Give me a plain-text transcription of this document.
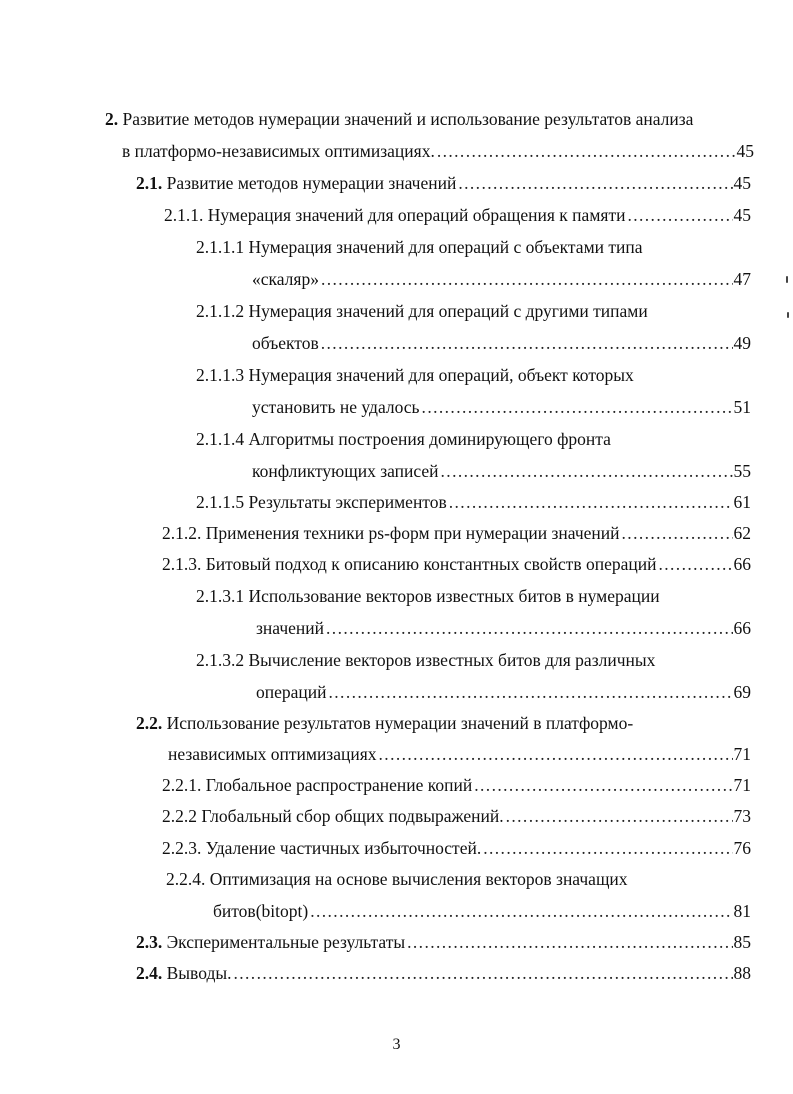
2. Развитие методов нумерации значений и использование результатов анализа
в платформо-независимых оптимизациях. .....	45
2.1. Развитие методов нумерации значений .....	45
2.1.1. Нумерация значений для операций обращения к памяти .....	45
2.1.1.1 Нумерация значений для операций с объектами типа
«скаляр» .....	47
2.1.1.2 Нумерация значений для операций с другими типами
объектов .....	49
2.1.1.3 Нумерация значений для операций, объект которых
установить не удалось .....	51
2.1.1.4 Алгоритмы построения доминирующего фронта
конфликтующих записей .....	55
2.1.1.5 Результаты экспериментов .....	61
2.1.2. Применения техники ps-форм при нумерации значений .....	62
2.1.3. Битовый подход к описанию константных свойств операций .....	66
2.1.3.1 Использование векторов известных битов в нумерации
значений .....	66
2.1.3.2 Вычисление векторов известных битов для различных
операций .....	69
2.2. Использование результатов нумерации значений в платформо-
независимых оптимизациях .....	71
2.2.1. Глобальное распространение копий .....	71
2.2.2 Глобальный сбор общих подвыражений. .....	73
2.2.3. Удаление частичных избыточностей. .....	76
2.2.4. Оптимизация на основе вычисления векторов значащих
битов(bitopt) .....	81
2.3. Экспериментальные результаты .....	85
2.4. Выводы. .....	88
3
